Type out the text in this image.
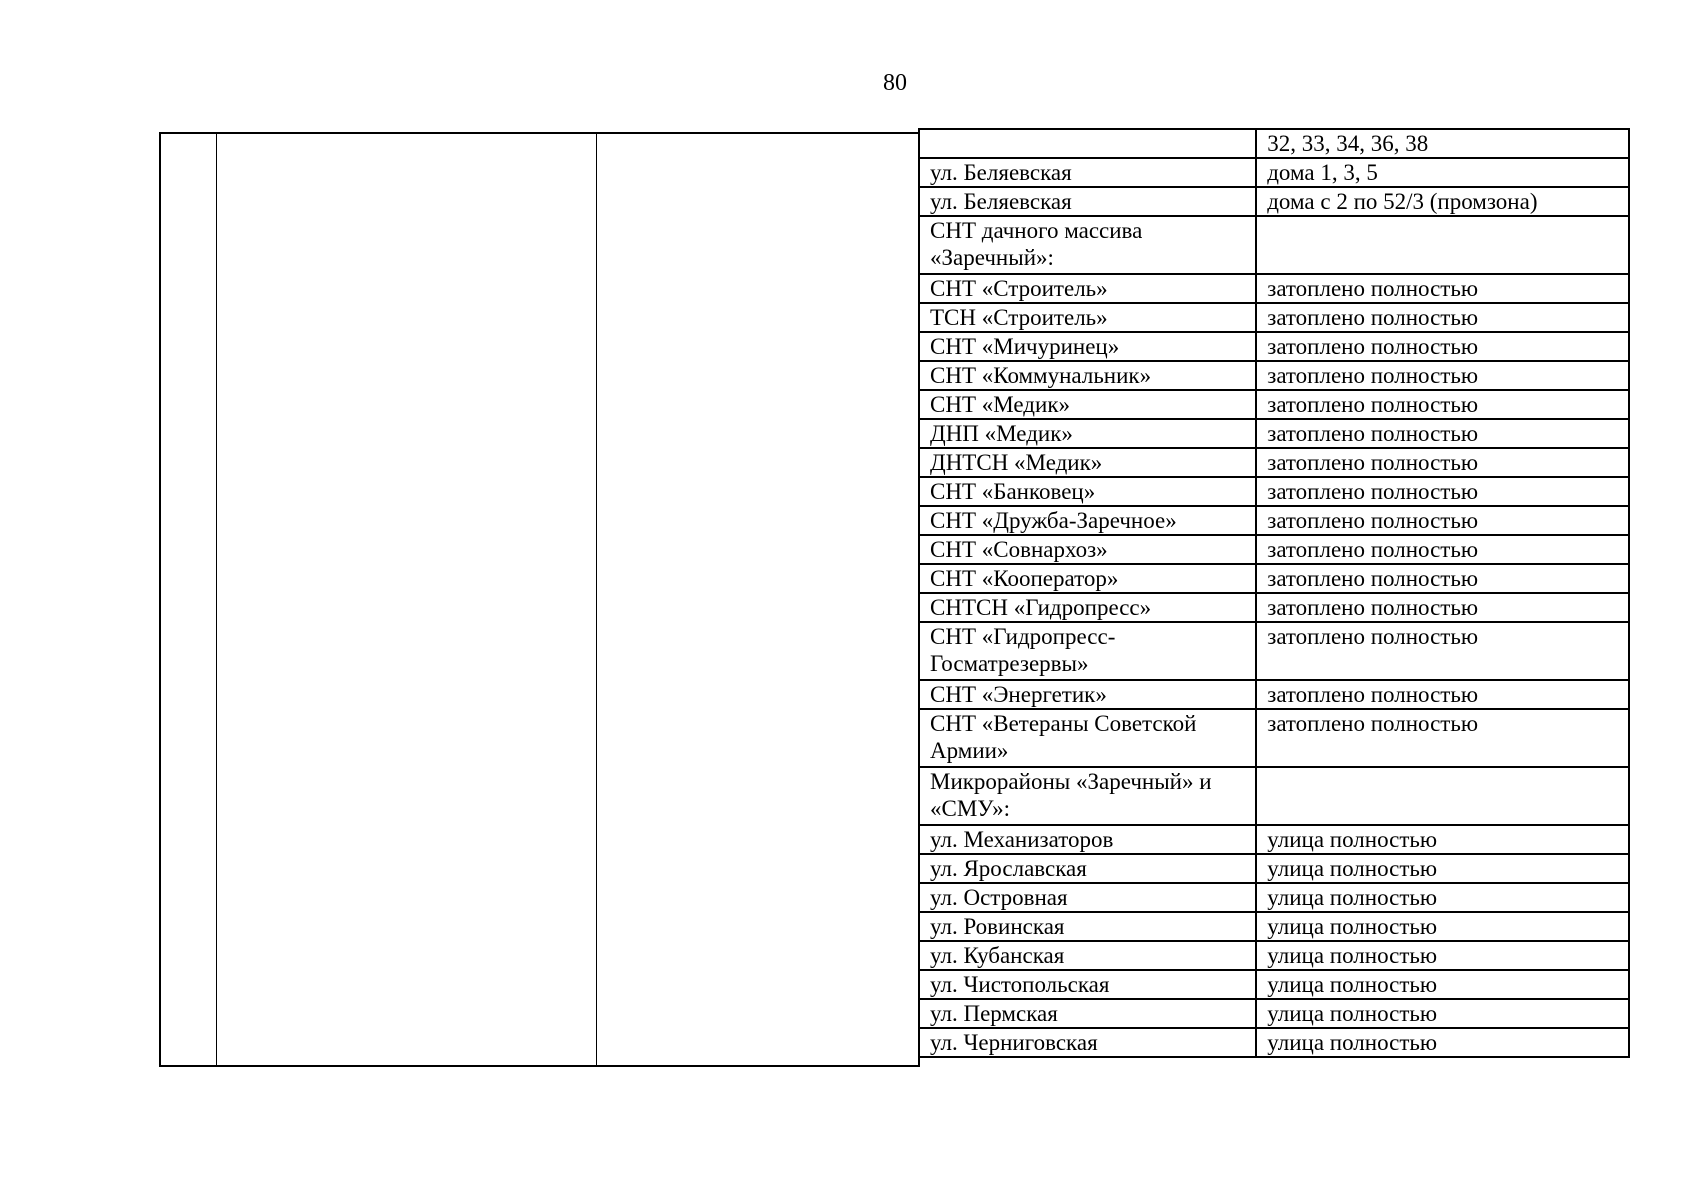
80

	32, 33, 34, 36, 38

ул. Беляевская	дома 1, 3, 5

ул. Беляевская	дома с 2 по 52/3 (промзона)

СНТ дачного массива
«Заречный»:	

СНТ «Строитель»	затоплено полностью

ТСН «Строитель»	затоплено полностью

СНТ «Мичуринец»	затоплено полностью

СНТ «Коммунальник»	затоплено полностью

СНТ «Медик»	затоплено полностью

ДНП «Медик»	затоплено полностью

ДНТСН «Медик»	затоплено полностью

СНТ «Банковец»	затоплено полностью

СНТ «Дружба-Заречное»	затоплено полностью

СНТ «Совнархоз»	затоплено полностью

СНТ «Кооператор»	затоплено полностью

СНТСН «Гидропресс»	затоплено полностью

СНТ «Гидропресс-
Госматрезервы»	затоплено полностью

СНТ «Энергетик»	затоплено полностью

СНТ «Ветераны Советской
Армии»	затоплено полностью

Микрорайоны «Заречный» и
«СМУ»:	

ул. Механизаторов	улица полностью

ул. Ярославская	улица полностью

ул. Островная	улица полностью

ул. Ровинская	улица полностью

ул. Кубанская	улица полностью

ул. Чистопольская	улица полностью

ул. Пермская	улица полностью

ул. Черниговская	улица полностью
